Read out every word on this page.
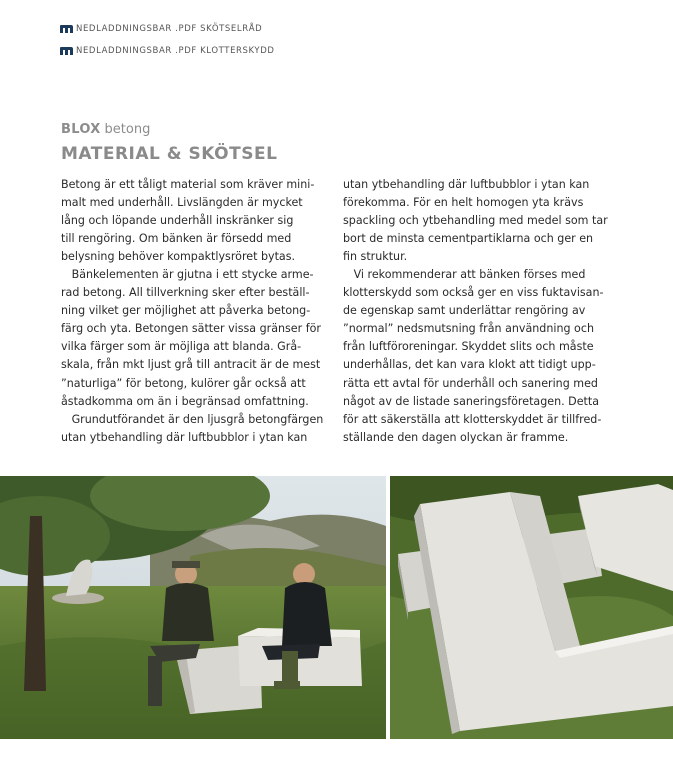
NEDLADDNINGSBAR .PDF SKÖTSELRÅD
NEDLADDNINGSBAR .PDF KLOTTERSKYDD
BLOX betong
MATERIAL & SKÖTSEL
Betong är ett tåligt material som kräver mini-
malt med underhåll. Livslängden är mycket
lång och löpande underhåll inskränker sig
till rengöring. Om bänken är försedd med
belysning behöver kompaktlysröret bytas.
Bänkelementen är gjutna i ett stycke arme-
rad betong. All tillverkning sker efter beställ-
ning vilket ger möjlighet att påverka betong-
färg och yta. Betongen sätter vissa gränser för
vilka färger som är möjliga att blanda. Grå-
skala, från mkt ljust grå till antracit är de mest
”naturliga” för betong, kulörer går också att
åstadkomma om än i begränsad omfattning.
Grundutförandet är den ljusgrå betongfärgen
utan ytbehandling där luftbubblor i ytan kan
utan ytbehandling där luftbubblor i ytan kan
förekomma. För en helt homogen yta krävs
spackling och ytbehandling med medel som tar
bort de minsta cementpartiklarna och ger en
fin struktur.
Vi rekommenderar att bänken förses med
klotterskydd som också ger en viss fuktavisan-
de egenskap samt underlättar rengöring av
”normal” nedsmutsning från användning och
från luftföroreningar. Skyddet slits och måste
underhållas, det kan vara klokt att tidigt upp-
rätta ett avtal för underhåll och sanering med
något av de listade saneringsföretagen. Detta
för att säkerställa att klotterskyddet är tillfred-
ställande den dagen olyckan är framme.
